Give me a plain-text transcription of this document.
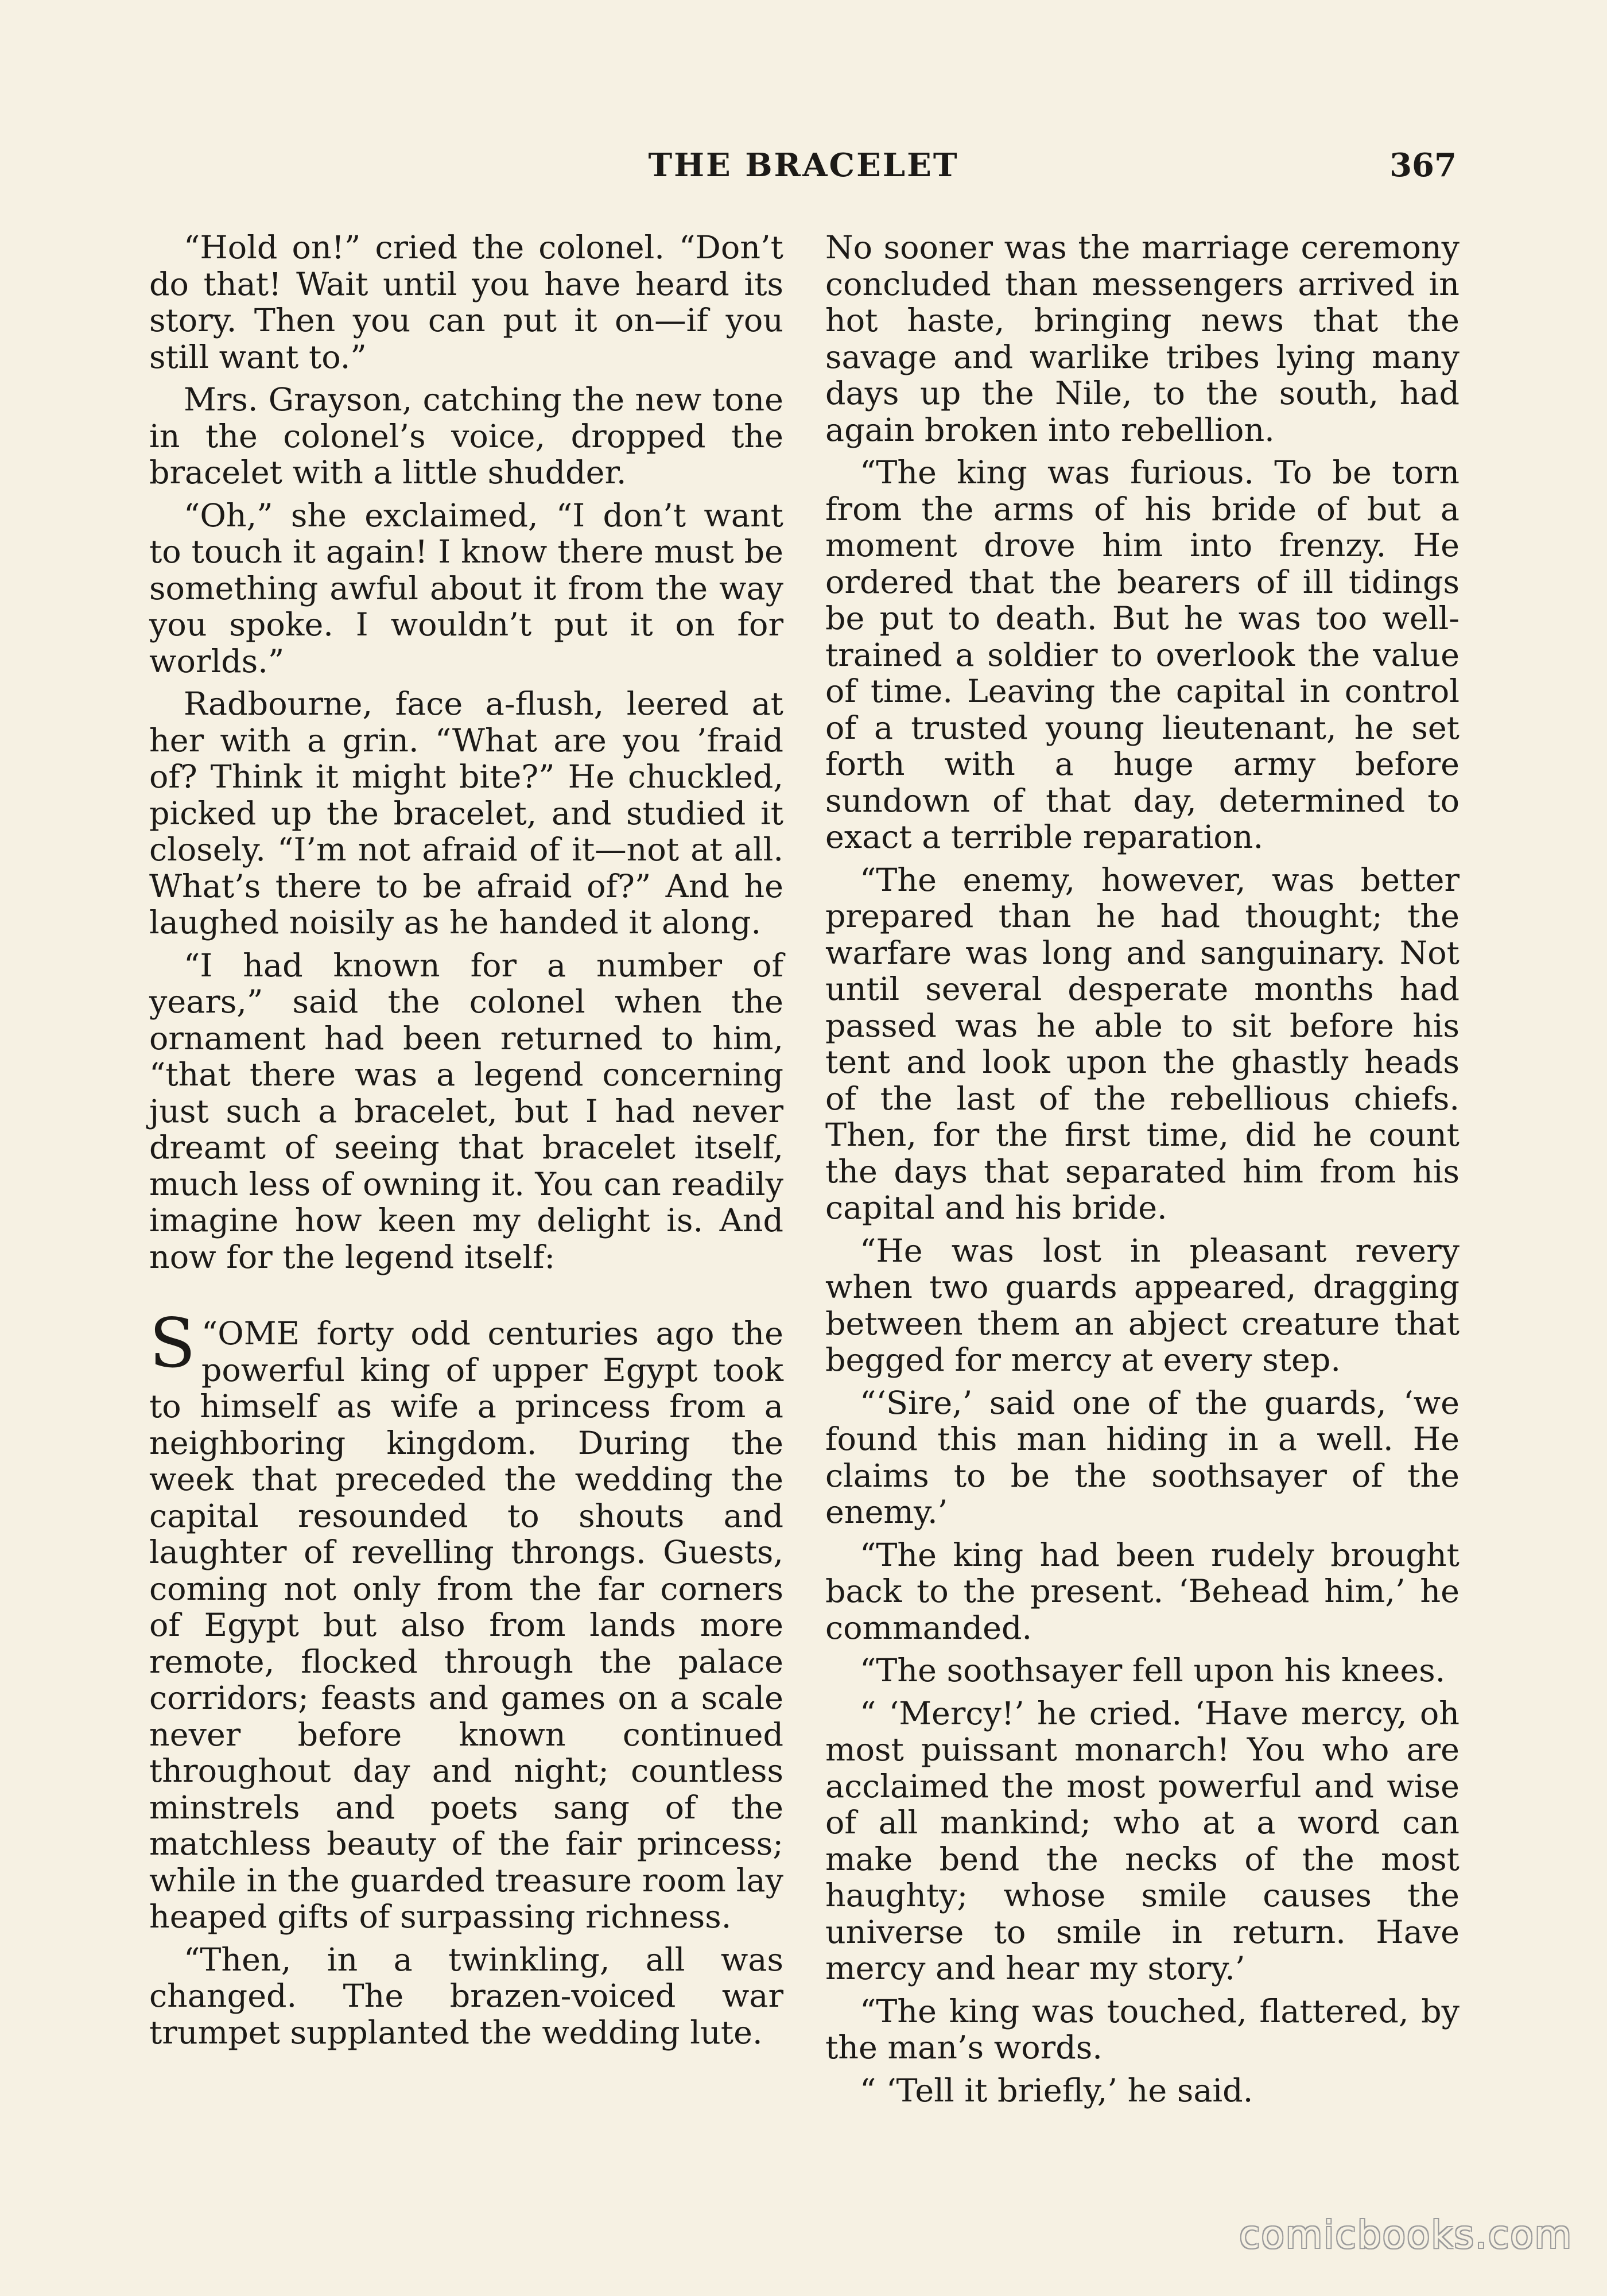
THE BRACELET	367

“Hold on!” cried the colonel. “Don’t do that! Wait until you have heard its story. Then you can put it on—if you still want to.”

Mrs. Grayson, catching the new tone in the colonel’s voice, dropped the bracelet with a little shudder.

“Oh,” she exclaimed, “I don’t want to touch it again! I know there must be something awful about it from the way you spoke. I wouldn’t put it on for worlds.”

Radbourne, face a-flush, leered at her with a grin. “What are you ’fraid of? Think it might bite?” He chuckled, picked up the bracelet, and studied it closely. “I’m not afraid of it—not at all. What’s there to be afraid of?” And he laughed noisily as he handed it along.

“I had known for a number of years,” said the colonel when the ornament had been returned to him, “that there was a legend concerning just such a bracelet, but I had never dreamt of seeing that bracelet itself, much less of owning it. You can readily imagine how keen my delight is. And now for the legend itself:

“
S OME forty odd centuries ago the powerful king of upper Egypt took to himself as wife a princess from a neighboring kingdom. During the week that preceded the wedding the capital resounded to shouts and laughter of revelling throngs. Guests, coming not only from the far corners of Egypt but also from lands more remote, flocked through the palace corridors; feasts and games on a scale never before known continued throughout day and night; countless minstrels and poets sang of the matchless beauty of the fair princess; while in the guarded treasure room lay heaped gifts of surpassing richness.

“Then, in a twinkling, all was changed. The brazen-voiced war trumpet supplanted the wedding lute.

No sooner was the marriage ceremony concluded than messengers arrived in hot haste, bringing news that the savage and warlike tribes lying many days up the Nile, to the south, had again broken into rebellion.

“The king was furious. To be torn from the arms of his bride of but a moment drove him into frenzy. He ordered that the bearers of ill tidings be put to death. But he was too well-trained a soldier to overlook the value of time. Leaving the capital in control of a trusted young lieutenant, he set forth with a huge army before sundown of that day, determined to exact a terrible reparation.

“The enemy, however, was better prepared than he had thought; the warfare was long and sanguinary. Not until several desperate months had passed was he able to sit before his tent and look upon the ghastly heads of the last of the rebellious chiefs. Then, for the first time, did he count the days that separated him from his capital and his bride.

“He was lost in pleasant revery when two guards appeared, dragging between them an abject creature that begged for mercy at every step.

“‘Sire,’ said one of the guards, ‘we found this man hiding in a well. He claims to be the soothsayer of the enemy.’

“The king had been rudely brought back to the present. ‘Behead him,’ he commanded.

“The soothsayer fell upon his knees.

“ ‘Mercy!’ he cried. ‘Have mercy, oh most puissant monarch! You who are acclaimed the most powerful and wise of all mankind; who at a word can make bend the necks of the most haughty; whose smile causes the universe to smile in return. Have mercy and hear my story.’

“The king was touched, flattered, by the man’s words.

“ ‘Tell it briefly,’ he said.

comicbooks.com
